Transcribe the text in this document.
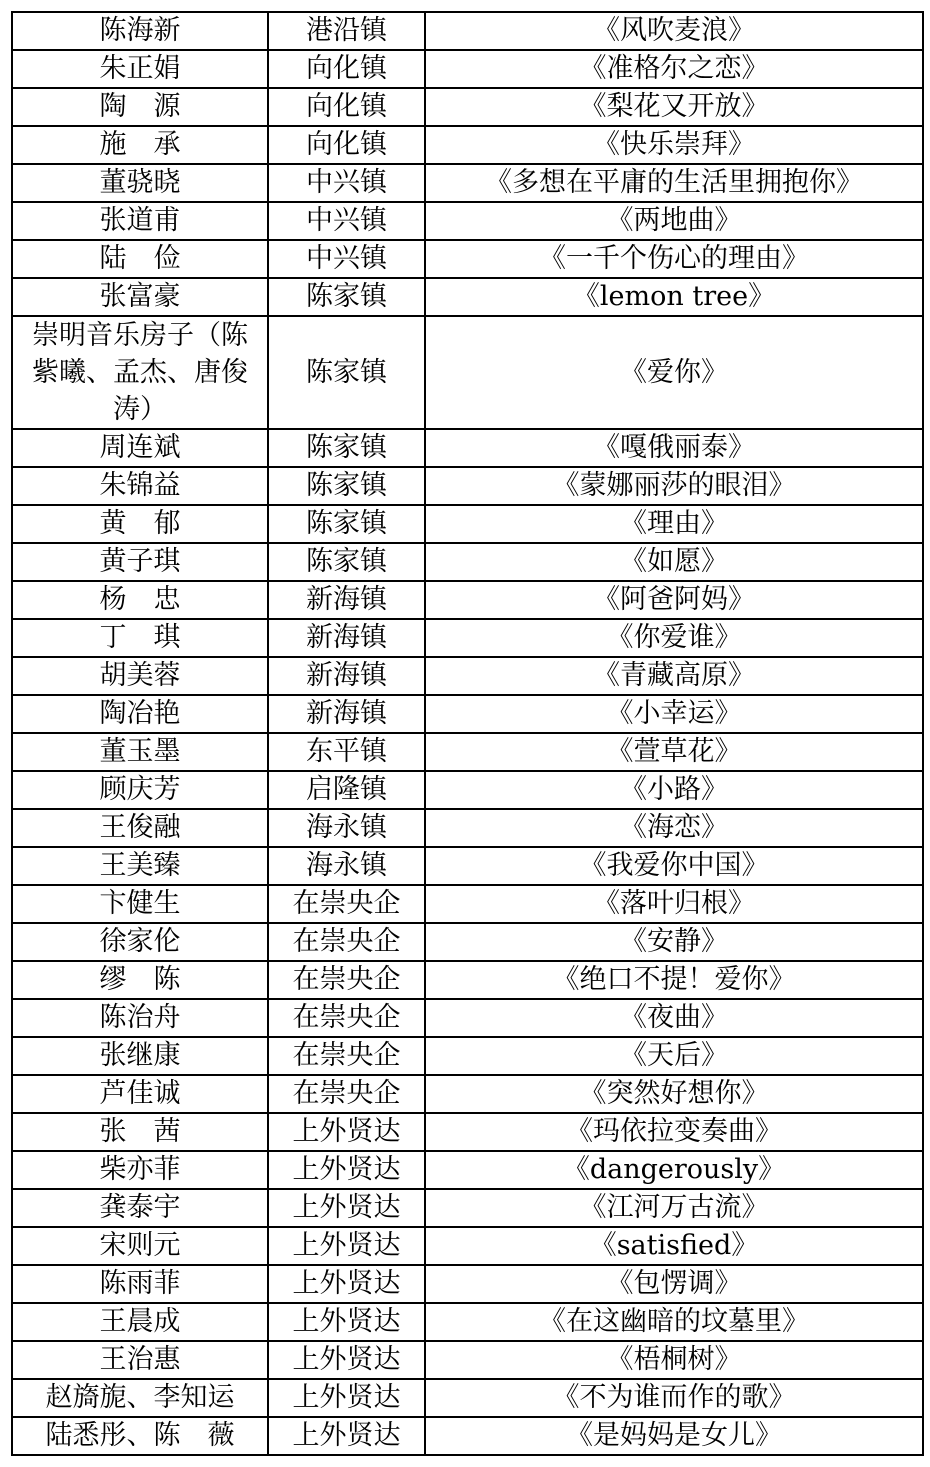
陈海新	港沿镇	《风吹麦浪》
朱正娟	向化镇	《准格尔之恋》
陶　源	向化镇	《梨花又开放》
施　承	向化镇	《快乐崇拜》
董骁晓	中兴镇	《多想在平庸的生活里拥抱你》
张道甫	中兴镇	《两地曲》
陆　俭	中兴镇	《一千个伤心的理由》
张富豪	陈家镇	《lemon tree》
崇明音乐房子（陈紫曦、孟杰、唐俊涛）	陈家镇	《爱你》
周连斌	陈家镇	《嘎俄丽泰》
朱锦益	陈家镇	《蒙娜丽莎的眼泪》
黄　郁	陈家镇	《理由》
黄子琪	陈家镇	《如愿》
杨　忠	新海镇	《阿爸阿妈》
丁　琪	新海镇	《你爱谁》
胡美蓉	新海镇	《青藏高原》
陶冶艳	新海镇	《小幸运》
董玉墨	东平镇	《萱草花》
顾庆芳	启隆镇	《小路》
王俊融	海永镇	《海恋》
王美臻	海永镇	《我爱你中国》
卞健生	在崇央企	《落叶归根》
徐家伦	在崇央企	《安静》
缪　陈	在崇央企	《绝口不提！爱你》
陈治舟	在崇央企	《夜曲》
张继康	在崇央企	《天后》
芦佳诚	在崇央企	《突然好想你》
张　茜	上外贤达	《玛依拉变奏曲》
柴亦菲	上外贤达	《dangerously》
龚泰宇	上外贤达	《江河万古流》
宋则元	上外贤达	《satisfied》
陈雨菲	上外贤达	《包愣调》
王晨成	上外贤达	《在这幽暗的坟墓里》
王治惠	上外贤达	《梧桐树》
赵旖旎、李知运	上外贤达	《不为谁而作的歌》
陆悉彤、陈　薇	上外贤达	《是妈妈是女儿》
